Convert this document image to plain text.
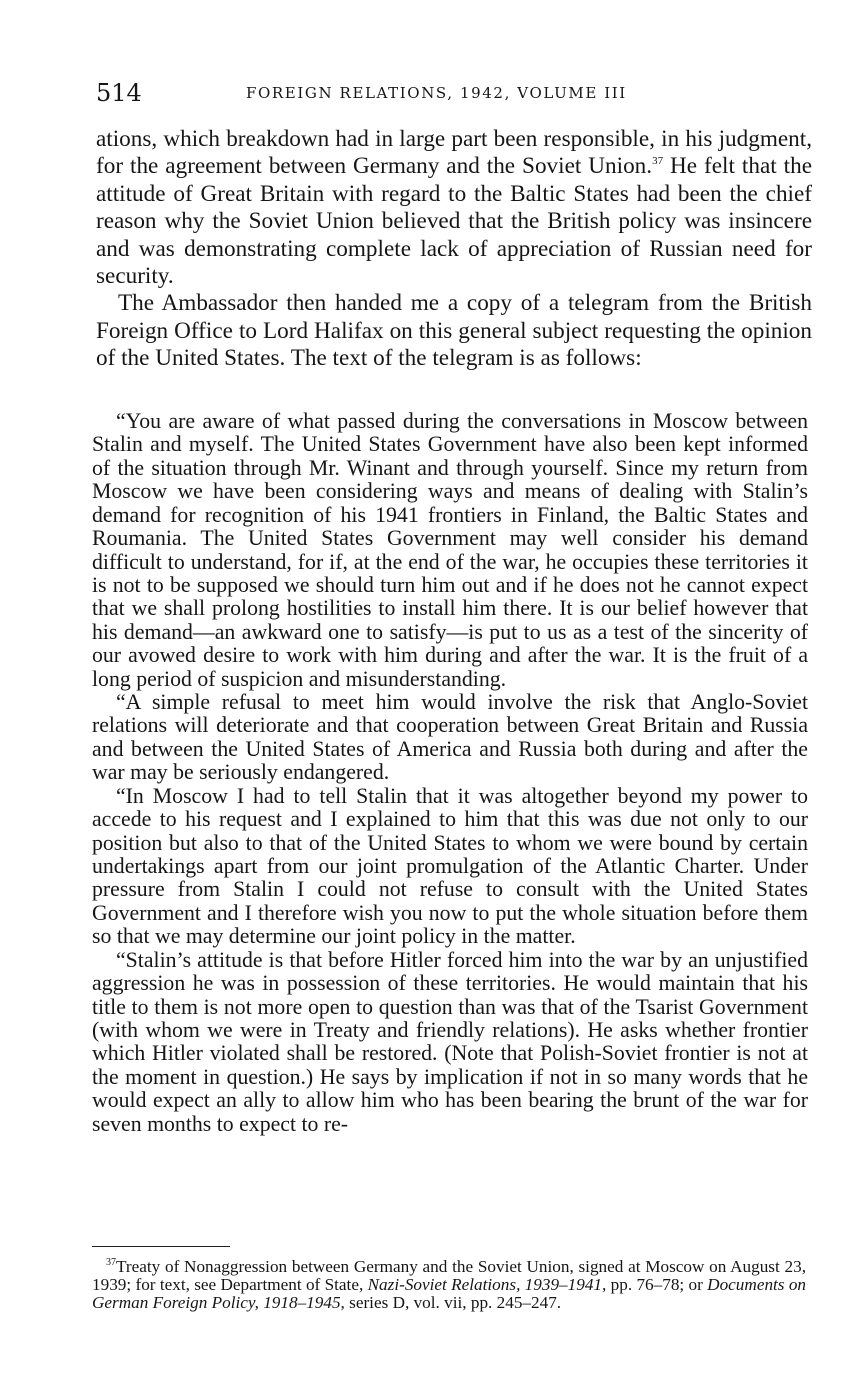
514	FOREIGN RELATIONS, 1942, VOLUME III

ations, which breakdown had in large part been responsible, in his judgment, for the agreement between Germany and the Soviet Union.$^{37}$ He felt that the attitude of Great Britain with regard to the Baltic States had been the chief reason why the Soviet Union believed that the British policy was insincere and was demonstrating complete lack of appreciation of Russian need for security.

The Ambassador then handed me a copy of a telegram from the British Foreign Office to Lord Halifax on this general subject requesting the opinion of the United States. The text of the telegram is as follows:

“You are aware of what passed during the conversations in Moscow between Stalin and myself. The United States Government have also been kept informed of the situation through Mr. Winant and through yourself. Since my return from Moscow we have been considering ways and means of dealing with Stalin’s demand for recognition of his 1941 frontiers in Finland, the Baltic States and Roumania. The United States Government may well consider his demand difficult to understand, for if, at the end of the war, he occupies these territories it is not to be supposed we should turn him out and if he does not he cannot expect that we shall prolong hostilities to install him there. It is our belief however that his demand—an awkward one to satisfy—is put to us as a test of the sincerity of our avowed desire to work with him during and after the war. It is the fruit of a long period of suspicion and misunderstanding.

“A simple refusal to meet him would involve the risk that Anglo-Soviet relations will deteriorate and that cooperation between Great Britain and Russia and between the United States of America and Russia both during and after the war may be seriously endangered.

“In Moscow I had to tell Stalin that it was altogether beyond my power to accede to his request and I explained to him that this was due not only to our position but also to that of the United States to whom we were bound by certain undertakings apart from our joint promulgation of the Atlantic Charter. Under pressure from Stalin I could not refuse to consult with the United States Government and I therefore wish you now to put the whole situation before them so that we may determine our joint policy in the matter.

“Stalin’s attitude is that before Hitler forced him into the war by an unjustified aggression he was in possession of these territories. He would maintain that his title to them is not more open to question than was that of the Tsarist Government (with whom we were in Treaty and friendly relations). He asks whether frontier which Hitler violated shall be restored. (Note that Polish-Soviet frontier is not at the moment in question.) He says by implication if not in so many words that he would expect an ally to allow him who has been bearing the brunt of the war for seven months to expect to re-

$^{37}$Treaty of Nonaggression between Germany and the Soviet Union, signed at Moscow on August 23, 1939; for text, see Department of State, Nazi-Soviet Relations, 1939–1941, pp. 76–78; or Documents on German Foreign Policy, 1918–1945, series D, vol. vii, pp. 245–247.
